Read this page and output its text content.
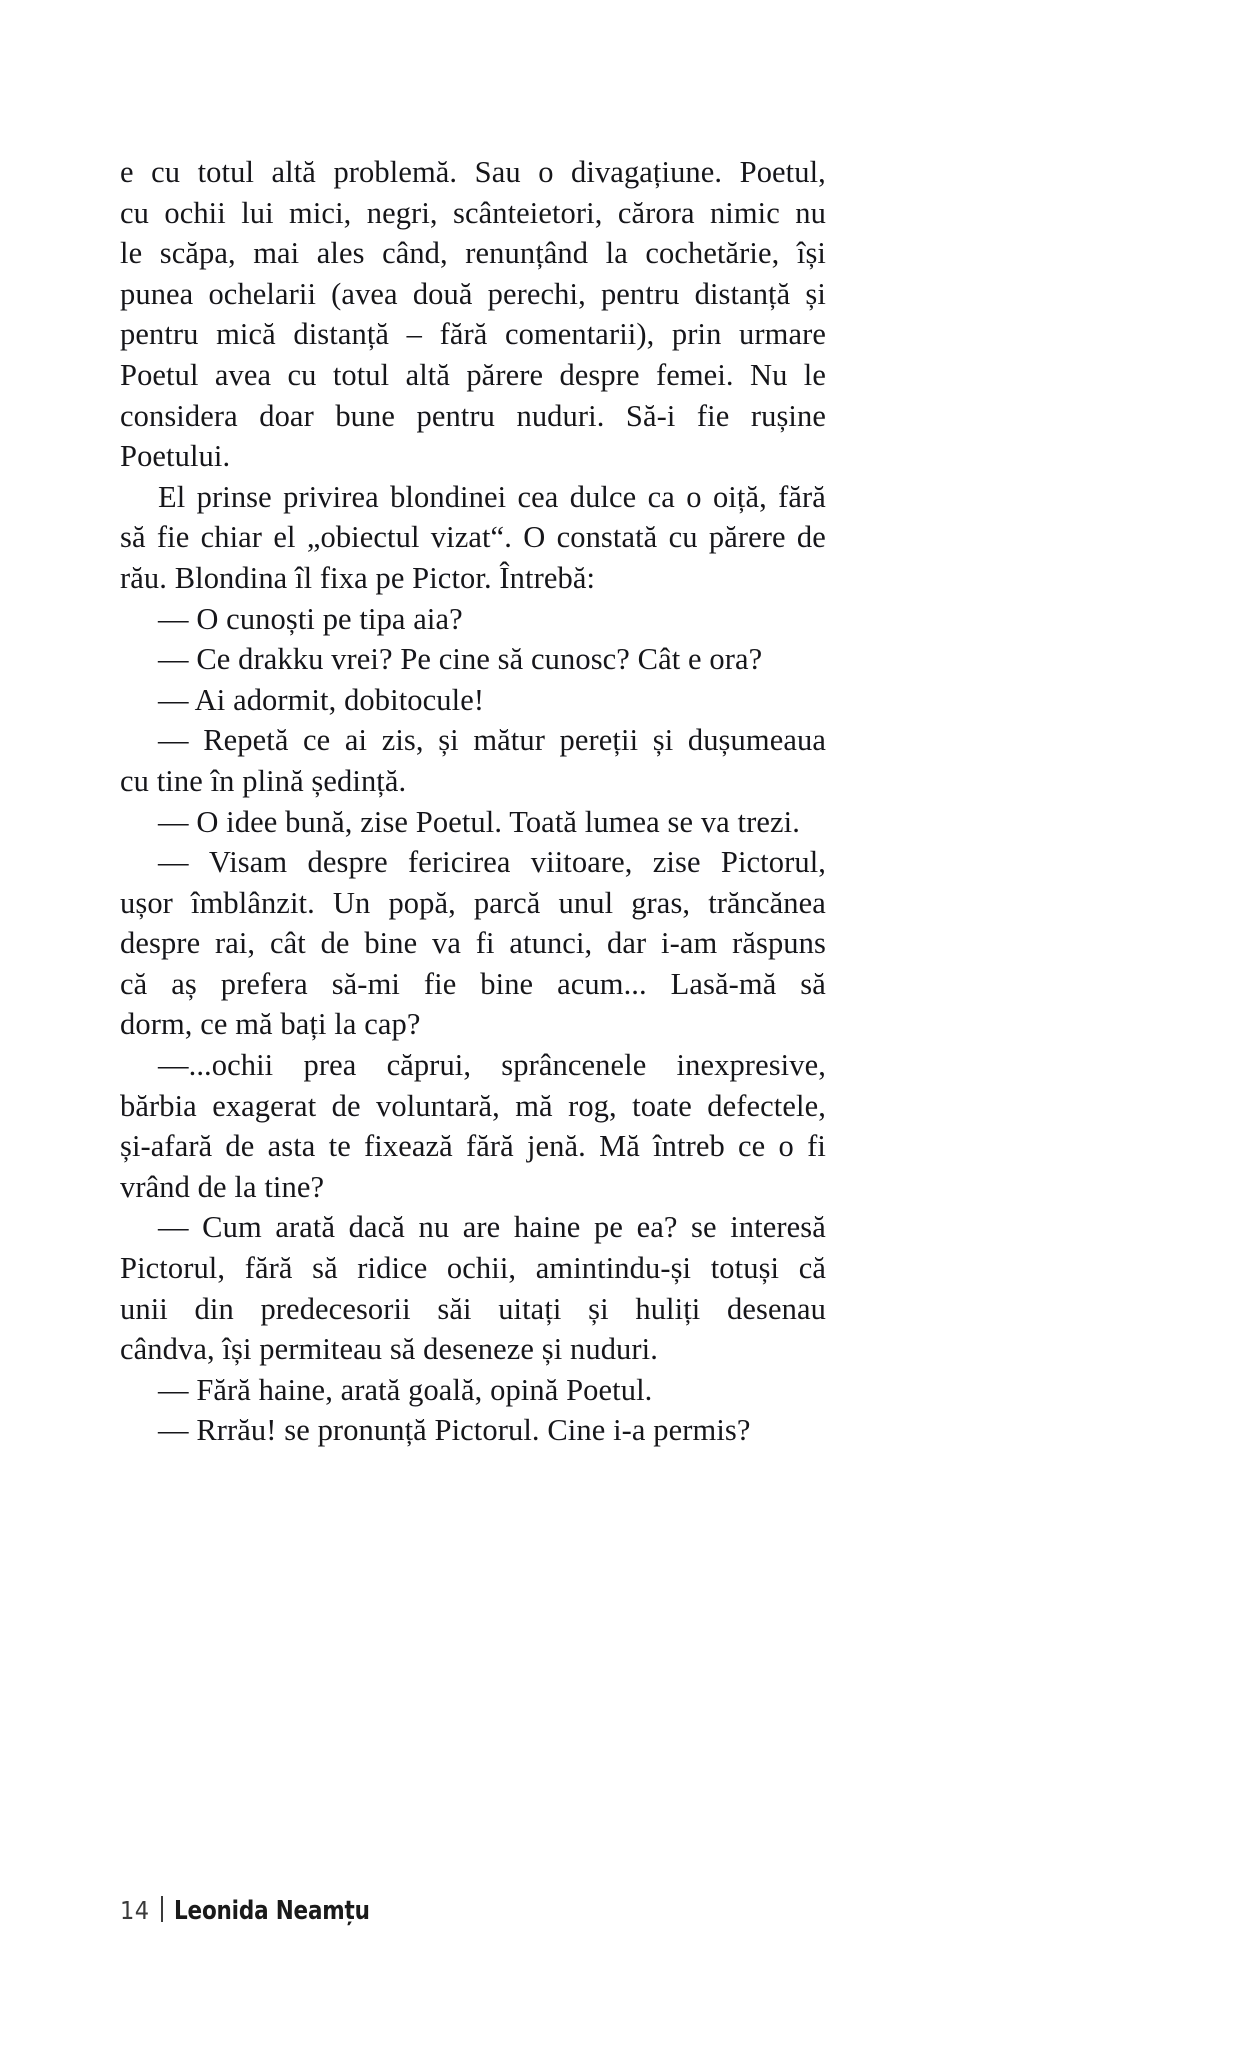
e cu totul altă problemă. Sau o divagațiune. Poetul,
cu ochii lui mici, negri, scânteietori, cărora nimic nu
le scăpa, mai ales când, renunțând la cochetărie, își
punea ochelarii (avea două perechi, pentru distanță și
pentru mică distanță – fără comentarii), prin urmare
Poetul avea cu totul altă părere despre femei. Nu le
considera doar bune pentru nuduri. Să-i fie rușine
Poetului.

El prinse privirea blondinei cea dulce ca o oiță, fără
să fie chiar el „obiectul vizat“. O constată cu părere de
rău. Blondina îl fixa pe Pictor. Întrebă:

— O cunoști pe tipa aia?

— Ce drakku vrei? Pe cine să cunosc? Cât e ora?

— Ai adormit, dobitocule!

— Repetă ce ai zis, și mătur pereții și dușumeaua
cu tine în plină ședință.

— O idee bună, zise Poetul. Toată lumea se va trezi.

— Visam despre fericirea viitoare, zise Pictorul,
ușor îmblânzit. Un popă, parcă unul gras, trăncănea
despre rai, cât de bine va fi atunci, dar i-am răspuns
că aș prefera să-mi fie bine acum... Lasă-mă să
dorm, ce mă bați la cap?

—...ochii prea căprui, sprâncenele inexpresive,
bărbia exagerat de voluntară, mă rog, toate defectele,
și-afară de asta te fixează fără jenă. Mă întreb ce o fi
vrând de la tine?

— Cum arată dacă nu are haine pe ea? se interesă
Pictorul, fără să ridice ochii, amintindu-și totuși că
unii din predecesorii săi uitați și huliți desenau
cândva, își permiteau să deseneze și nuduri.

— Fără haine, arată goală, opină Poetul.

— Rrrău! se pronunță Pictorul. Cine i-a permis?

14 Leonida Neamțu
